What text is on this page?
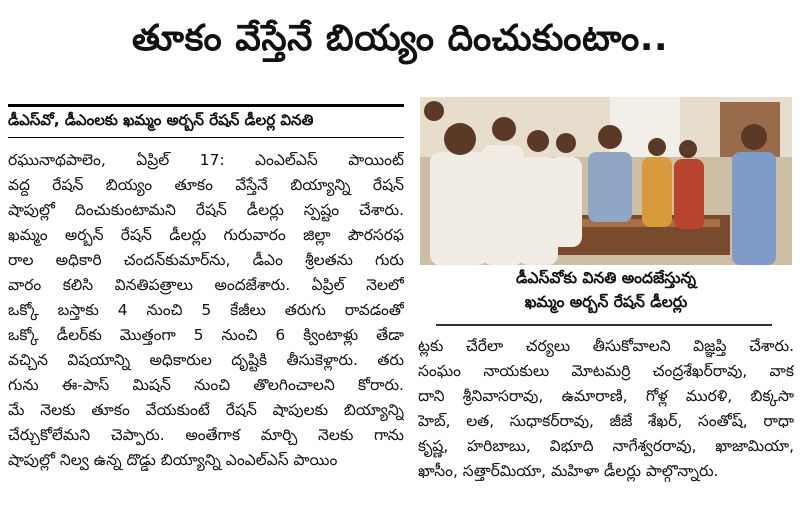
తూకం వేస్తేనే బియ్యం దించుకుంటాం..
డీఎస్‌వో, డీఎంలకు ఖమ్మం అర్బన్ రేషన్ డీలర్ల వినతి
రఘునాథపాలెం, ఏప్రిల్ 17: ఎంఎల్‌ఎస్ పాయింట్
వద్ద రేషన్ బియ్యం తూకం వేస్తేనే బియ్యాన్ని రేషన్
షాపుల్లో దించుకుంటామని రేషన్ డీలర్లు స్పష్టం చేశారు.
ఖమ్మం అర్బన్ రేషన్ డీలర్లు గురువారం జిల్లా పౌరసరఫ
రాల అధికారి చందన్‌కుమార్‌ను, డీఎం శ్రీలతను గురు
వారం కలిసి వినతిపత్రాలు అందజేశారు. ఏప్రిల్ నెలలో
ఒక్కో బస్తాకు 4 నుంచి 5 కేజీలు తరుగు రావడంతో
ఒక్కో డీలర్‌కు మొత్తంగా 5 నుంచి 6 క్వింటాళ్లు తేడా
వచ్చిన విషయాన్ని అధికారుల దృష్టికి తీసుకెళ్లారు. తరు
గును ఈ-పాస్ మిషన్ నుంచి తొలగించాలని కోరారు.
మే నెలకు తూకం వేయకుంటే రేషన్ షాపులకు బియ్యాన్ని
చేర్చుకోలేమని చెప్పారు. అంతేగాక మార్చి నెలకు గాను
షాపుల్లో నిల్వ ఉన్న దొడ్డు బియ్యాన్ని ఎంఎల్‌ఎస్ పాయిం
డీఎస్‌వోకు వినతి అందజేస్తున్న
ఖమ్మం అర్బన్ రేషన్ డీలర్లు
ట్లకు చేరేలా చర్యలు తీసుకోవాలని విజ్ఞప్తి చేశారు.
సంఘం నాయకులు మోటమర్రి చంద్రశేఖర్‌రావు, వాక
దాని శ్రీనివాసరావు, ఉమారాణి, గోళ్ల మురళి, బిక్కసా
హెబ్, లత, సుధాకర్‌రావు, జీజే శేఖర్, సంతోష్, రాధా
కృష్ణ, హరిబాబు, విభూది నాగేశ్వరరావు, ఖాజామియా,
ఖాసీం, సత్తార్‌మియా, మహిళా డీలర్లు పాల్గొన్నారు.
